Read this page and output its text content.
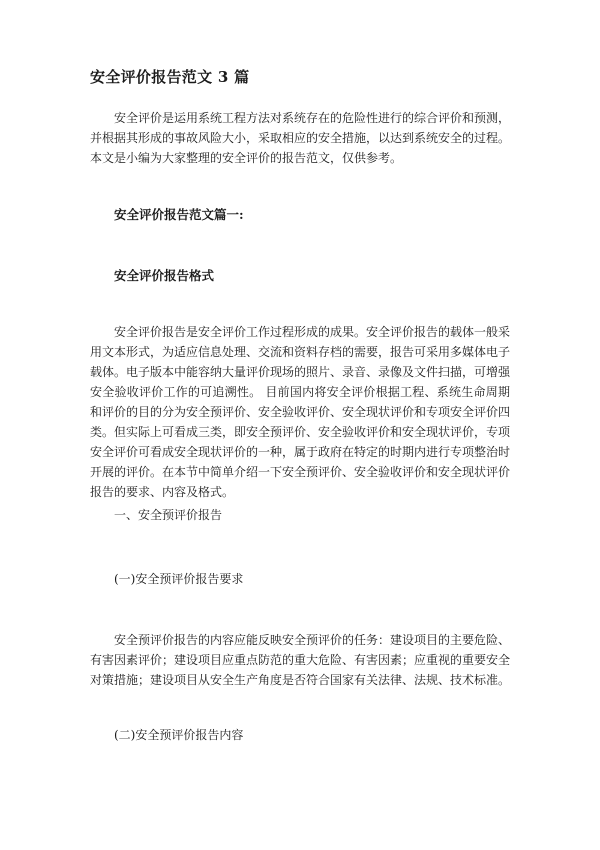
安全评价报告范文 3 篇
安全评价是运用系统工程方法对系统存在的危险性进行的综合评价和预测，并根据其形成的事故风险大小，采取相应的安全措施，以达到系统安全的过程。本文是小编为大家整理的安全评价的报告范文，仅供参考。
安全评价报告范文篇一:
安全评价报告格式
安全评价报告是安全评价工作过程形成的成果。安全评价报告的载体一般采用文本形式，为适应信息处理、交流和资料存档的需要，报告可采用多媒体电子载体。电子版本中能容纳大量评价现场的照片、录音、录像及文件扫描，可增强安全验收评价工作的可追溯性。 目前国内将安全评价根据工程、系统生命周期和评价的目的分为安全预评价、安全验收评价、安全现状评价和专项安全评价四类。但实际上可看成三类，即安全预评价、安全验收评价和安全现状评价，专项安全评价可看成安全现状评价的一种，属于政府在特定的时期内进行专项整治时开展的评价。在本节中简单介绍一下安全预评价、安全验收评价和安全现状评价报告的要求、内容及格式。
一、安全预评价报告
(一)安全预评价报告要求
安全预评价报告的内容应能反映安全预评价的任务：建设项目的主要危险、有害因素评价；建设项目应重点防范的重大危险、有害因素；应重视的重要安全对策措施；建设项目从安全生产角度是否符合国家有关法律、法规、技术标准。
(二)安全预评价报告内容
